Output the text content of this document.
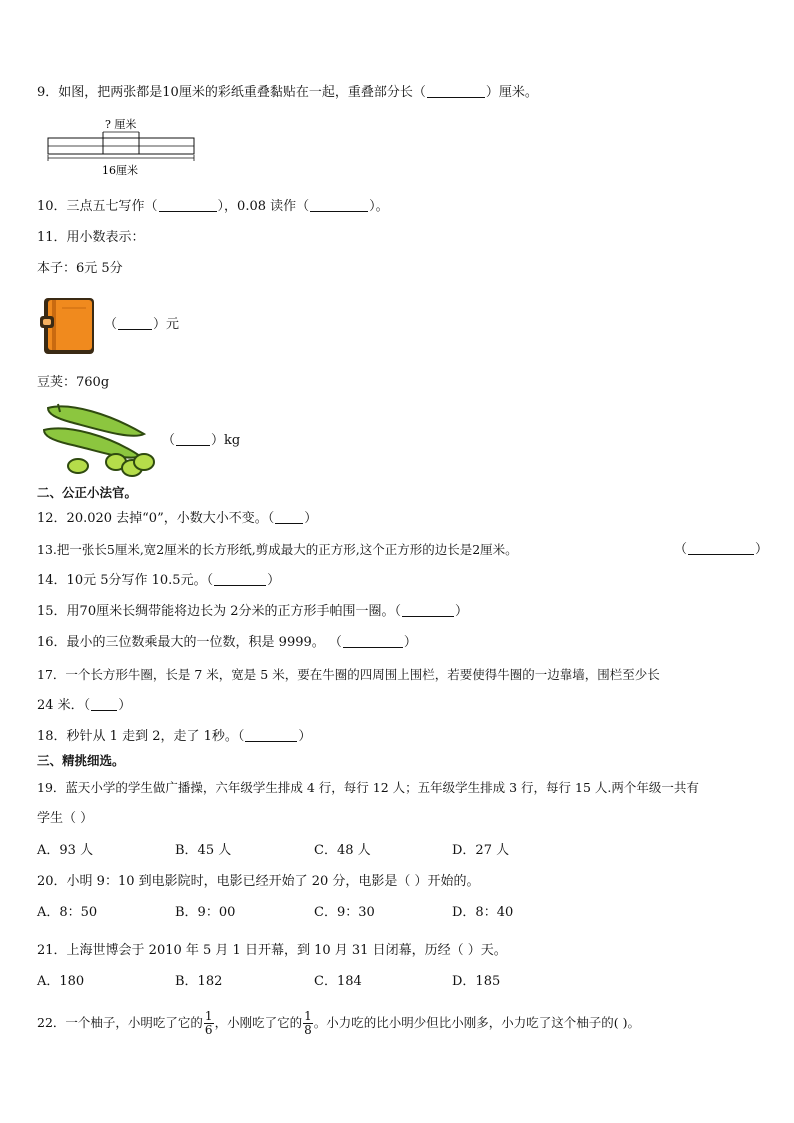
9．如图，把两张都是10厘米的彩纸重叠黏贴在一起，重叠部分长（	）厘米。
? 厘米
16厘米
10．三点五七写作（	），0.08 读作（	）。
11．用小数表示：
本子：6元 5分
（	）元
豆荚：760g
（	）kg
二、公正小法官。
12．20.020 去掉“0”，小数大小不变。（ ）
13.把一张长5厘米,宽2厘米的长方形纸,剪成最大的正方形,这个正方形的边长是2厘米。	（	）
14．10元 5分写作 10.5元。（	）
15．用70厘米长绸带能将边长为 2分米的正方形手帕围一圈。（	）
16．最小的三位数乘最大的一位数，积是 9999。 （	）
17．一个长方形牛圈，长是 7 米，宽是 5 米，要在牛圈的四周围上围栏，若要使得牛圈的一边靠墙，围栏至少长
24 米．（ ）
18．秒针从 1 走到 2，走了 1秒。（	）
三、精挑细选。
19．蓝天小学的学生做广播操，六年级学生排成 4 行，每行 12 人；五年级学生排成 3 行，每行 15 人.两个年级一共有
学生（ ）
A．93 人	B．45 人	C．48 人	D．27 人
20．小明 9：10 到电影院时，电影已经开始了 20 分，电影是（ ）开始的。
A．8：50	B．9：00	C．9：30	D．8：40
21．上海世博会于 2010 年 5 月 1 日开幕，到 10 月 31 日闭幕，历经（ ）天。
A．180	B．182	C．184	D．185
22．一个柚子，小明吃了它的 $\frac{1}{6}$ ，小刚吃了它的 $\frac{1}{8}$ 。小力吃的比小明少但比小刚多，小力吃了这个柚子的( )。
